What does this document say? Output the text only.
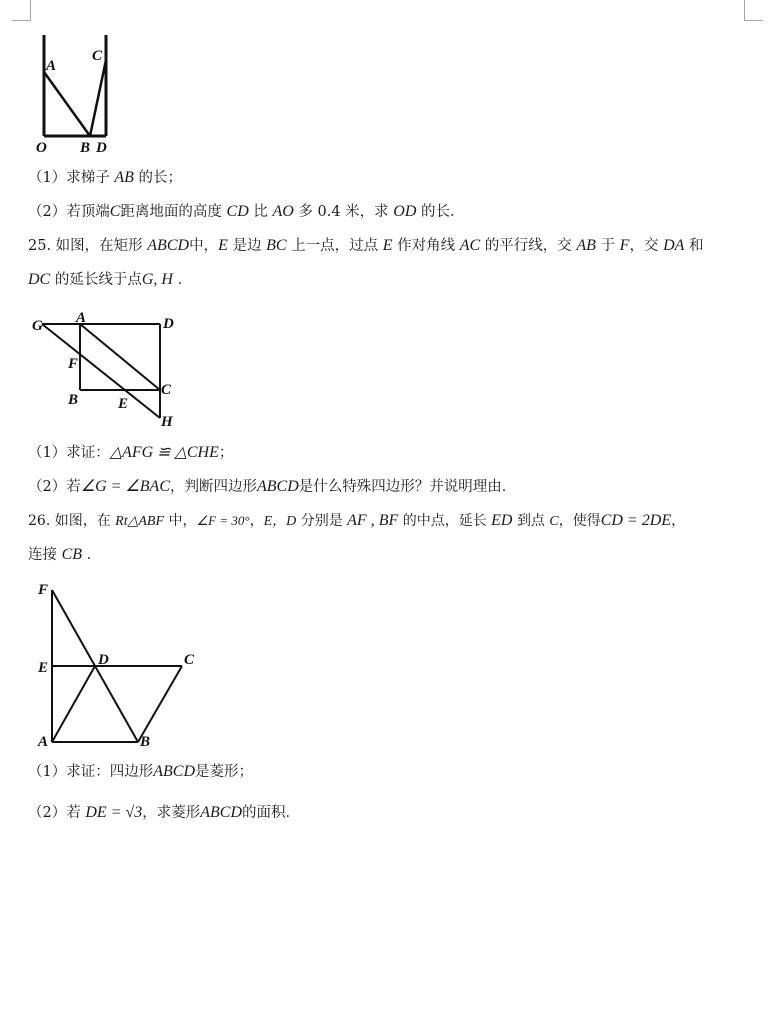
A
C
O B D
（1）求梯子 AB 的长；
（2）若顶端C距离地面的高度 CD 比 AO 多 0.4 米，求 OD 的长．
25. 如图，在矩形 ABCD中，E 是边 BC 上一点，过点 E 作对角线 AC 的平行线，交 AB 于 F，交 DA 和
DC 的延长线于点G, H ．
G A	D
F
C
B	E
H
（1）求证：△AFG ≌ △CHE；
（2）若∠G = ∠BAC，判断四边形ABCD是什么特殊四边形？并说明理由．
26. 如图，在 Rt△ABF 中，∠F = 30°，E，D 分别是 AF , BF 的中点，延长 ED 到点 C，使得CD = 2DE，
连接 CB ．
F
E	D	C
A	B
（1）求证：四边形ABCD是菱形；
（2）若 DE = √3，求菱形ABCD的面积．
